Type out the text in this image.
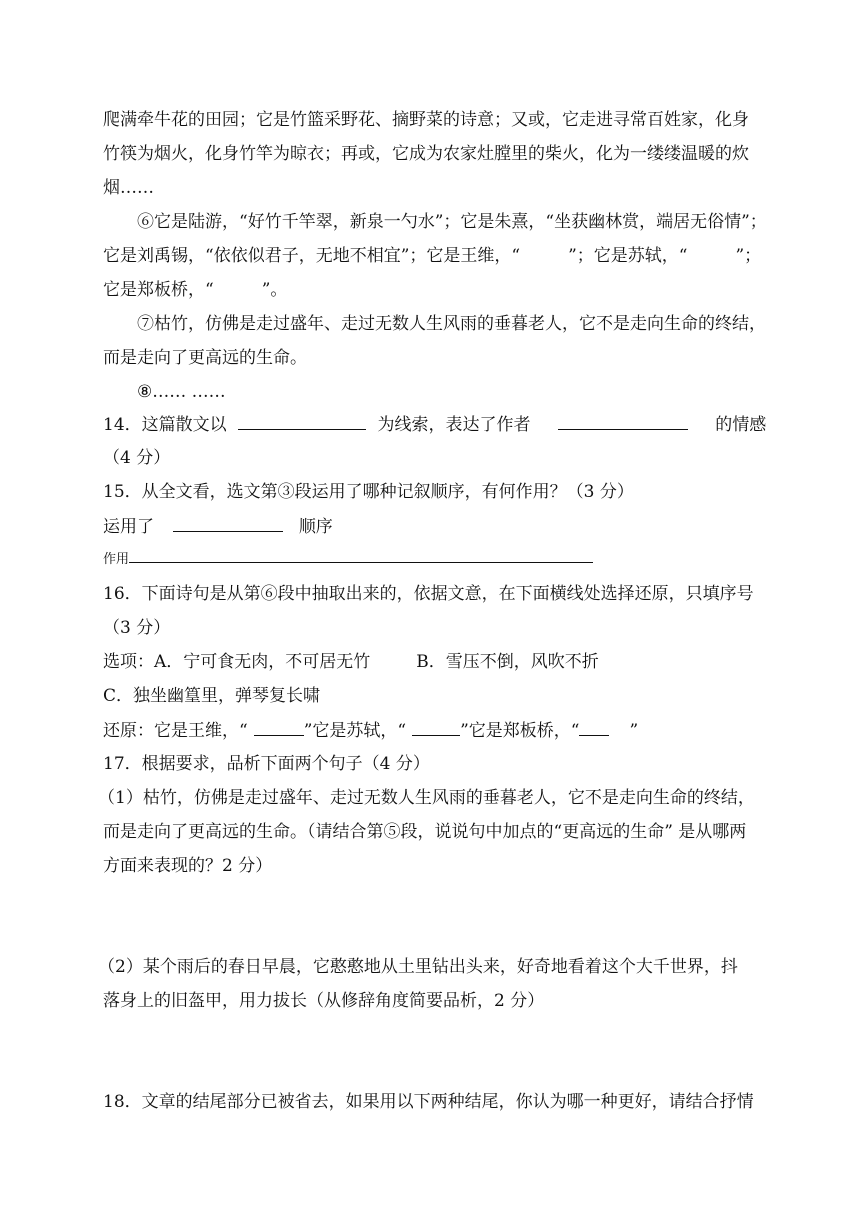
爬满牵牛花的田园；它是竹篮采野花、摘野菜的诗意；又或，它走进寻常百姓家，化身
竹筷为烟火，化身竹竿为晾衣；再或，它成为农家灶膛里的柴火，化为一缕缕温暖的炊
烟……
⑥它是陆游，“好竹千竿翠，新泉一勺水”；它是朱熹，“坐获幽林赏，端居无俗情”；
它是刘禹锡，“依依似君子，无地不相宜”；它是王维，“	”；它是苏轼，“	”；
它是郑板桥，“	”。
⑦枯竹，仿佛是走过盛年、走过无数人生风雨的垂暮老人，它不是走向生命的终结，
而是走向了更高远的生命。
⑧…… ……
14．这篇散文以	为线索，表达了作者	的情感
（4 分）
15．从全文看，选文第③段运用了哪种记叙顺序，有何作用？（3 分）
运用了	顺序
作用
16．下面诗句是从第⑥段中抽取出来的，依据文意，在下面横线处选择还原，只填序号
（3 分）
选项：A．宁可食无肉，不可居无竹	B．雪压不倒，风吹不折
C．独坐幽篁里，弹琴复长啸
还原：它是王维，“	”它是苏轼，“	”它是郑板桥，“	”
17．根据要求，品析下面两个句子（4 分）
（1）枯竹，仿佛是走过盛年、走过无数人生风雨的垂暮老人，它不是走向生命的终结，
而是走向了更高远的生命。（请结合第⑤段，说说句中加点的“更高远的生命” 是从哪两
方面来表现的？2 分）
（2）某个雨后的春日早晨，它憨憨地从土里钻出头来，好奇地看着这个大千世界，抖
落身上的旧盔甲，用力拔长（从修辞角度简要品析，2 分）
18．文章的结尾部分已被省去，如果用以下两种结尾，你认为哪一种更好，请结合抒情
